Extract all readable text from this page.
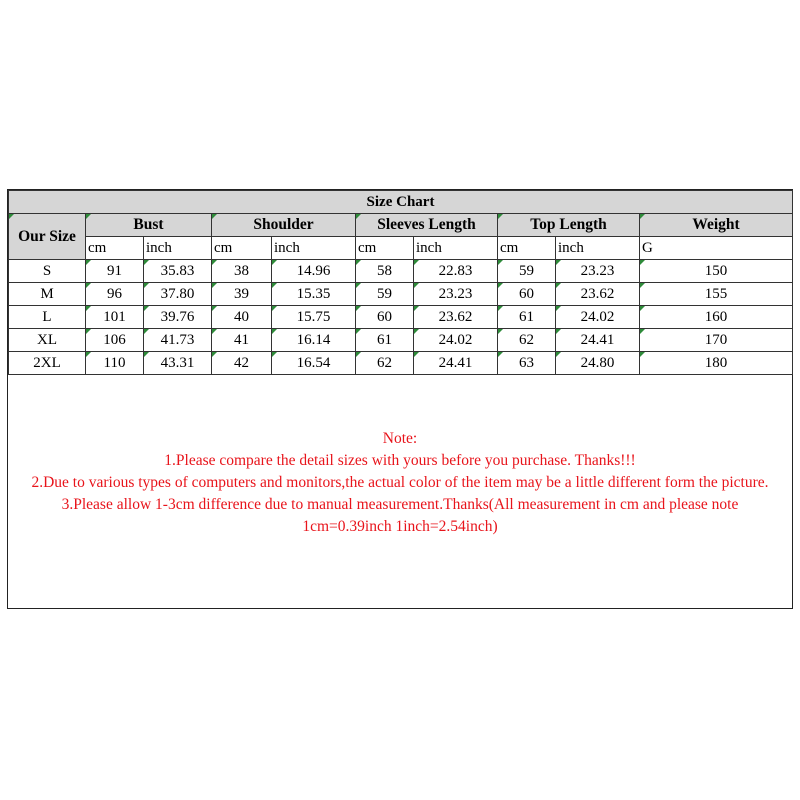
Size Chart									
Our Size	Bust		Shoulder		Sleeves Length		Top Length		Weight
	cm	inch	cm	inch	cm	inch	cm	inch	G
S	91	35.83	38	14.96	58	22.83	59	23.23	150
M	96	37.80	39	15.35	59	23.23	60	23.62	155
L	101	39.76	40	15.75	60	23.62	61	24.02	160
XL	106	41.73	41	16.14	61	24.02	62	24.41	170
2XL	110	43.31	42	16.54	62	24.41	63	24.80	180
Note:
1.Please compare the detail sizes with yours before you purchase. Thanks!!!
2.Due to various types of computers and monitors,the actual color of the item may be a little different form the picture.
3.Please allow 1-3cm difference due to manual measurement.Thanks(All measurement in cm and please note 1cm=0.39inch 1inch=2.54inch)
